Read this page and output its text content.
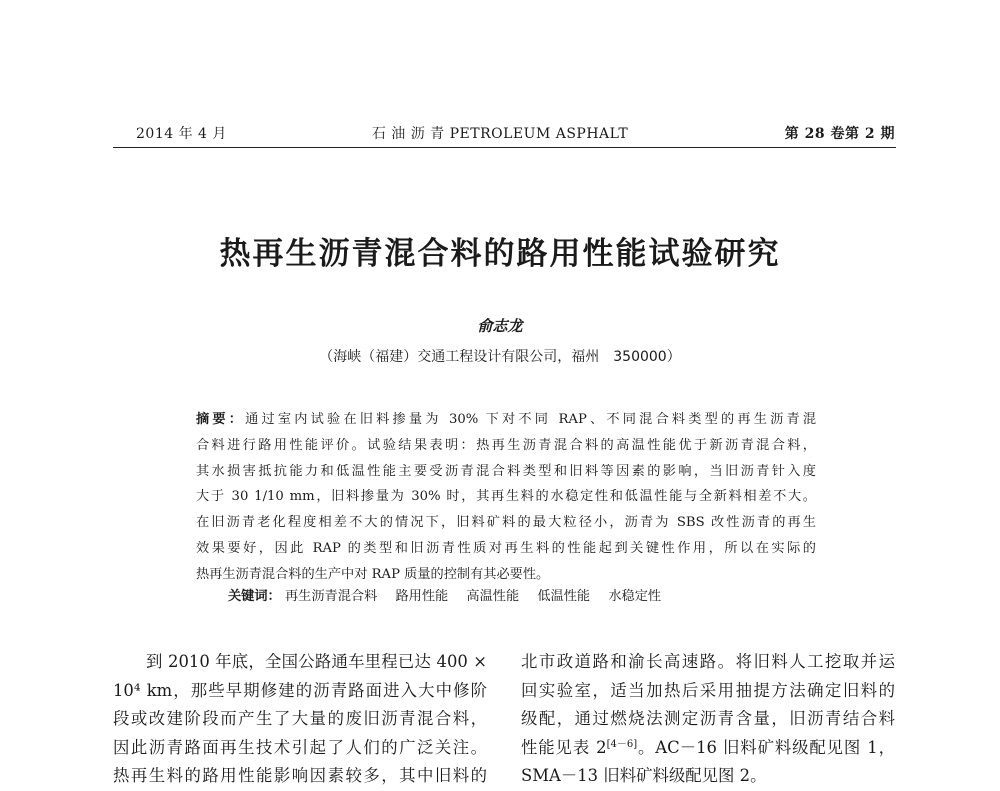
2014 年 4 月	石 油 沥 青 PETROLEUM ASPHALT	第 28 卷第 2 期
热再生沥青混合料的路用性能试验研究
俞志龙
（海峡（福建）交通工程设计有限公司，福州　350000）
摘要：通过室内试验在旧料掺量为 30% 下对不同 RAP、不同混合料类型的再生沥青混
合料进行路用性能评价。试验结果表明：热再生沥青混合料的高温性能优于新沥青混合料，
其水损害抵抗能力和低温性能主要受沥青混合料类型和旧料等因素的影响，当旧沥青针入度
大于 30 1/10 mm，旧料掺量为 30% 时，其再生料的水稳定性和低温性能与全新料相差不大。
在旧沥青老化程度相差不大的情况下，旧料矿料的最大粒径小，沥青为 SBS 改性沥青的再生
效果要好，因此 RAP 的类型和旧沥青性质对再生料的性能起到关键性作用，所以在实际的
热再生沥青混合料的生产中对 RAP 质量的控制有其必要性。
关键词： 再生沥青混合料 路用性能 高温性能 低温性能 水稳定性
到 2010 年底，全国公路通车里程已达 400 ×
10⁴ km，那些早期修建的沥青路面进入大中修阶
段或改建阶段而产生了大量的废旧沥青混合料，
因此沥青路面再生技术引起了人们的广泛关注。
热再生料的路用性能影响因素较多，其中旧料的
北市政道路和渝长高速路。将旧料人工挖取并运
回实验室，适当加热后采用抽提方法确定旧料的
级配，通过燃烧法测定沥青含量，旧沥青结合料
性能见表 2[4－6]。AC－16 旧料矿料级配见图 1，
SMA－13 旧料矿料级配见图 2。
